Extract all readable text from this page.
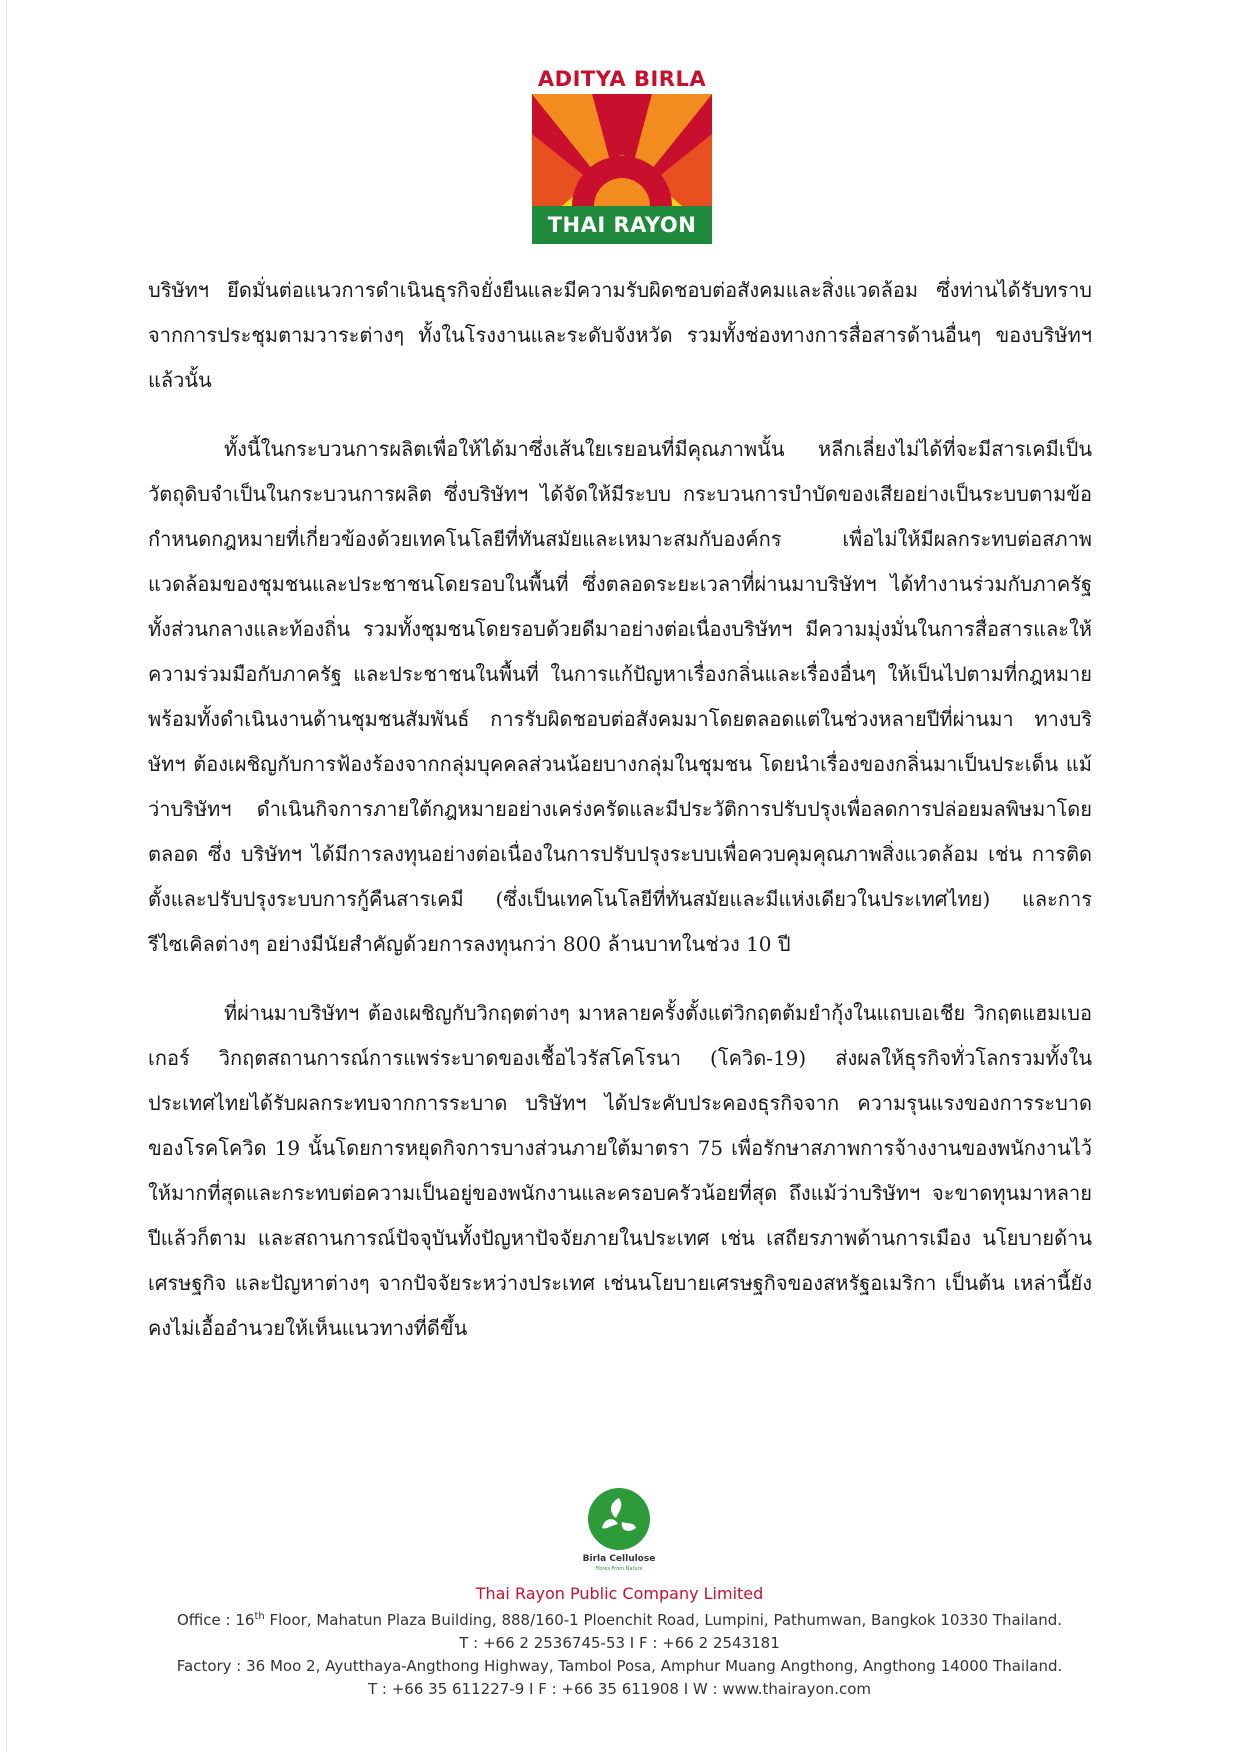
ADITYA BIRLA
THAI RAYON

บริษัทฯ ยึดมั่นต่อแนวการดำเนินธุรกิจยั่งยืนและมีความรับผิดชอบต่อสังคมและสิ่งแวดล้อม ซึ่งท่านได้รับทราบจากการประชุมตามวาระต่างๆ ทั้งในโรงงานและระดับจังหวัด รวมทั้งช่องทางการสื่อสารด้านอื่นๆ ของบริษัทฯ แล้วนั้น

ทั้งนี้ในกระบวนการผลิตเพื่อให้ได้มาซึ่งเส้นใยเรยอนที่มีคุณภาพนั้น หลีกเลี่ยงไม่ได้ที่จะมีสารเคมีเป็นวัตถุดิบจำเป็นในกระบวนการผลิต ซึ่งบริษัทฯ ได้จัดให้มีระบบ กระบวนการบำบัดของเสียอย่างเป็นระบบตามข้อกำหนดกฎหมายที่เกี่ยวข้องด้วยเทคโนโลยีที่ทันสมัยและเหมาะสมกับองค์กร เพื่อไม่ให้มีผลกระทบต่อสภาพแวดล้อมของชุมชนและประชาชนโดยรอบในพื้นที่ ซึ่งตลอดระยะเวลาที่ผ่านมาบริษัทฯ ได้ทำงานร่วมกับภาครัฐทั้งส่วนกลางและท้องถิ่น รวมทั้งชุมชนโดยรอบด้วยดีมาอย่างต่อเนื่องบริษัทฯ มีความมุ่งมั่นในการสื่อสารและให้ความร่วมมือกับภาครัฐ และประชาชนในพื้นที่ ในการแก้ปัญหาเรื่องกลิ่นและเรื่องอื่นๆ ให้เป็นไปตามที่กฎหมายพร้อมทั้งดำเนินงานด้านชุมชนสัมพันธ์ การรับผิดชอบต่อสังคมมาโดยตลอดแต่ในช่วงหลายปีที่ผ่านมา ทางบริษัทฯ ต้องเผชิญกับการฟ้องร้องจากกลุ่มบุคคลส่วนน้อยบางกลุ่มในชุมชน โดยนำเรื่องของกลิ่นมาเป็นประเด็น แม้ว่าบริษัทฯ ดำเนินกิจการภายใต้กฎหมายอย่างเคร่งครัดและมีประวัติการปรับปรุงเพื่อลดการปล่อยมลพิษมาโดยตลอด ซึ่ง บริษัทฯ ได้มีการลงทุนอย่างต่อเนื่องในการปรับปรุงระบบเพื่อควบคุมคุณภาพสิ่งแวดล้อม เช่น การติดตั้งและปรับปรุงระบบการกู้คืนสารเคมี (ซึ่งเป็นเทคโนโลยีที่ทันสมัยและมีแห่งเดียวในประเทศไทย) และการรีไซเคิลต่างๆ อย่างมีนัยสำคัญด้วยการลงทุนกว่า 800 ล้านบาทในช่วง 10 ปี

ที่ผ่านมาบริษัทฯ ต้องเผชิญกับวิกฤตต่างๆ มาหลายครั้งตั้งแต่วิกฤตต้มยำกุ้งในแถบเอเชีย วิกฤตแฮมเบอเกอร์ วิกฤตสถานการณ์การแพร่ระบาดของเชื้อไวรัสโคโรนา (โควิด-19) ส่งผลให้ธุรกิจทั่วโลกรวมทั้งในประเทศไทยได้รับผลกระทบจากการระบาด บริษัทฯ ได้ประคับประคองธุรกิจจาก ความรุนแรงของการระบาดของโรคโควิด 19 นั้นโดยการหยุดกิจการบางส่วนภายใต้มาตรา 75 เพื่อรักษาสภาพการจ้างงานของพนักงานไว้ให้มากที่สุดและกระทบต่อความเป็นอยู่ของพนักงานและครอบครัวน้อยที่สุด ถึงแม้ว่าบริษัทฯ จะขาดทุนมาหลายปีแล้วก็ตาม และสถานการณ์ปัจจุบันทั้งปัญหาปัจจัยภายในประเทศ เช่น เสถียรภาพด้านการเมือง นโยบายด้านเศรษฐกิจ และปัญหาต่างๆ จากปัจจัยระหว่างประเทศ เช่นนโยบายเศรษฐกิจของสหรัฐอเมริกา เป็นต้น เหล่านี้ยังคงไม่เอื้ออำนวยให้เห็นแนวทางที่ดีขึ้น

Birla Cellulose
Fibres From Nature
Thai Rayon Public Company Limited
Office : 16th Floor, Mahatun Plaza Building, 888/160-1 Ploenchit Road, Lumpini, Pathumwan, Bangkok 10330 Thailand.
T : +66 2 2536745-53 I F : +66 2 2543181
Factory : 36 Moo 2, Ayutthaya-Angthong Highway, Tambol Posa, Amphur Muang Angthong, Angthong 14000 Thailand.
T : +66 35 611227-9 I F : +66 35 611908 I W : www.thairayon.com
